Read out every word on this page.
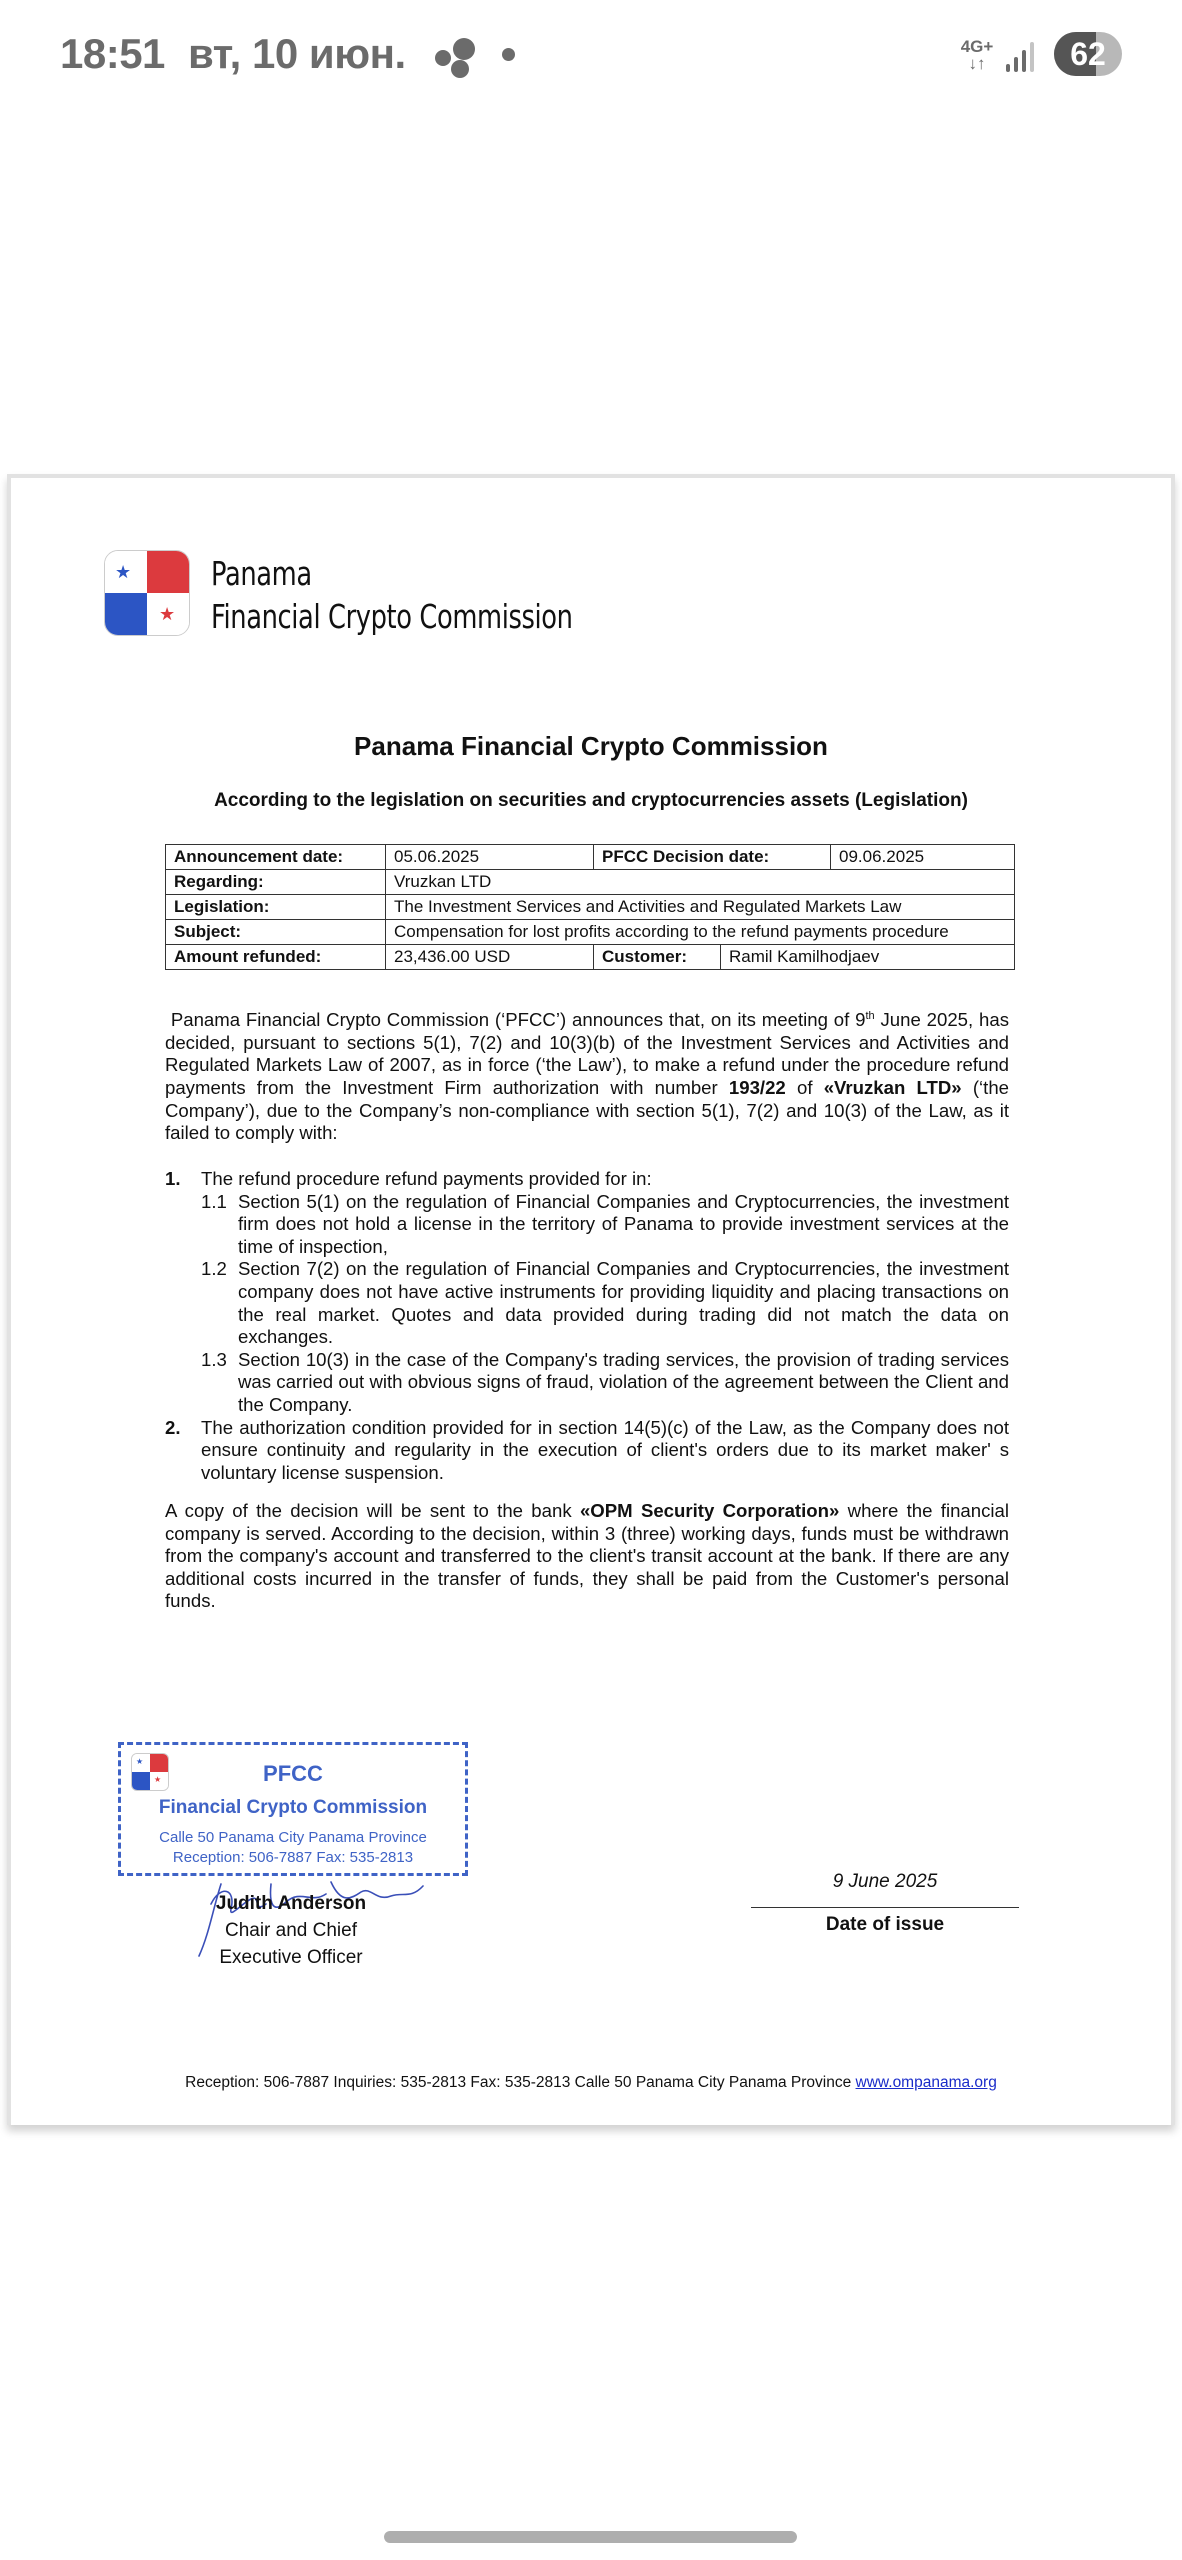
18:51 вт, 10 июн.	4G+
↓↑	62
★
★
Panama
Financial Crypto Commission
Panama Financial Crypto Commission
According to the legislation on securities and cryptocurrencies assets (Legislation)
Announcement date:	05.06.2025	PFCC Decision date:		09.06.2025
Regarding:	Vruzkan LTD			
Legislation:	The Investment Services and Activities and Regulated Markets Law			
Subject:	Compensation for lost profits according to the refund payments procedure			
Amount refunded:	23,436.00 USD	Customer:	Ramil Kamilhodjaev	
Panama Financial Crypto Commission (‘PFCC’) announces that, on its meeting of 9th June 2025, has decided, pursuant to sections 5(1), 7(2) and 10(3)(b) of the Investment Services and Activities and Regulated Markets Law of 2007, as in force (‘the Law’), to make a refund under the procedure refund payments from the Investment Firm authorization with number 193/22 of «Vruzkan LTD» (‘the Company’), due to the Company’s non-compliance with section 5(1), 7(2) and 10(3) of the Law, as it failed to comply with:
1.	The refund procedure refund payments provided for in:
1.1 Section 5(1) on the regulation of Financial Companies and Cryptocurrencies, the investment firm does not hold a license in the territory of Panama to provide investment services at the time of inspection,
1.2 Section 7(2) on the regulation of Financial Companies and Cryptocurrencies, the investment company does not have active instruments for providing liquidity and placing transactions on the real market. Quotes and data provided during trading did not match the data on exchanges.
1.3 Section 10(3) in the case of the Company's trading services, the provision of trading services was carried out with obvious signs of fraud, violation of the agreement between the Client and the Company.
2.	The authorization condition provided for in section 14(5)(c) of the Law, as the Company does not ensure continuity and regularity in the execution of client's orders due to its market maker' s voluntary license suspension.
A copy of the decision will be sent to the bank «OPM Security Corporation» where the financial company is served. According to the decision, within 3 (three) working days, funds must be withdrawn from the company's account and transferred to the client's transit account at the bank. If there are any additional costs incurred in the transfer of funds, they shall be paid from the Customer's personal funds.
★
★	PFCC
Financial Crypto Commission
Calle 50 Panama City Panama Province
Reception: 506-7887 Fax: 535-2813
Judith Anderson
Chair and Chief
Executive Officer
9 June 2025
Date of issue
Reception: 506-7887 Inquiries: 535-2813 Fax: 535-2813 Calle 50 Panama City Panama Province www.ompanama.org
